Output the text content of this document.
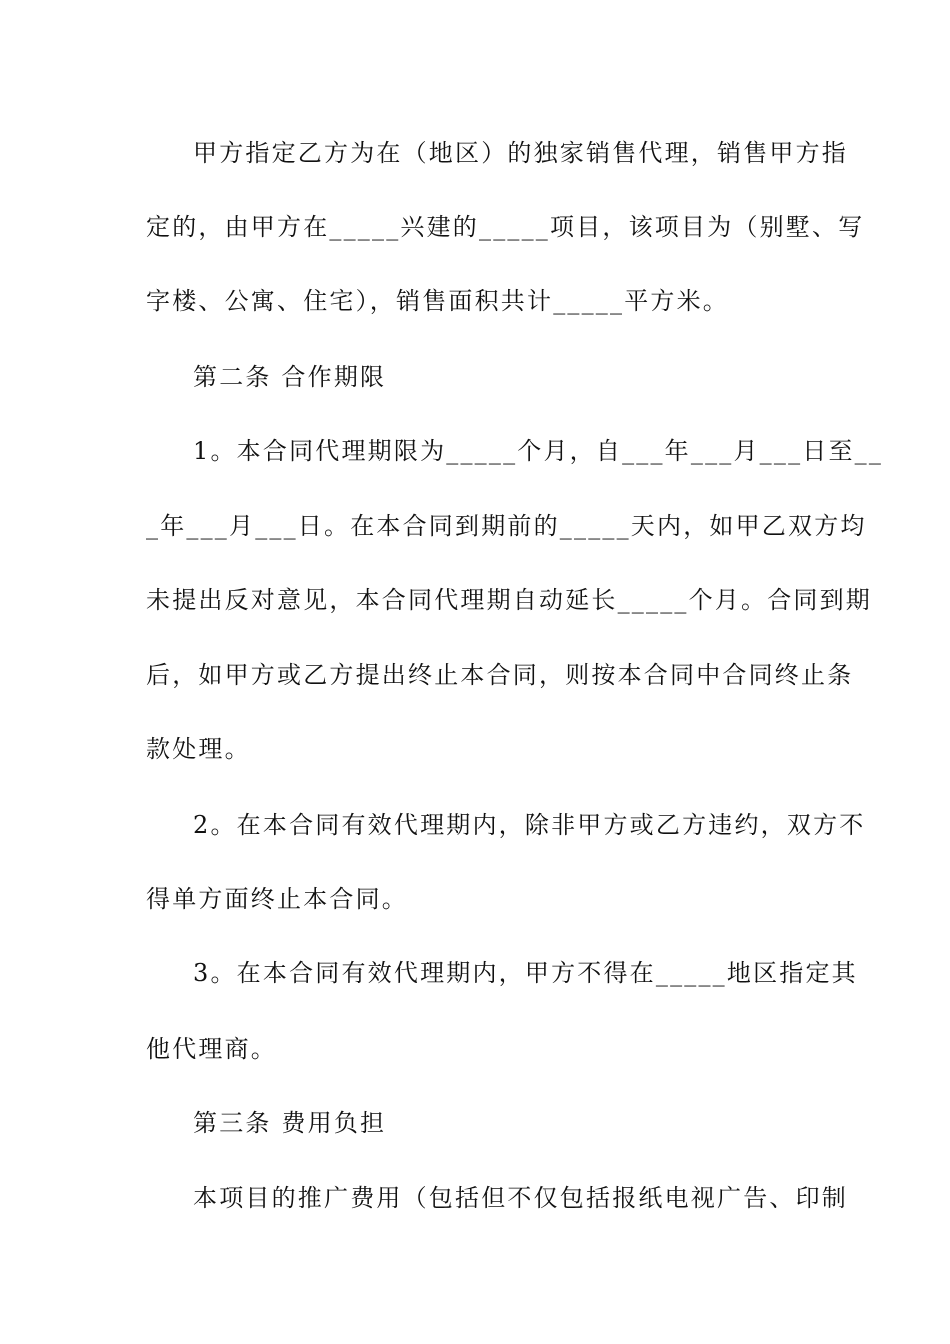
甲方指定乙方为在（地区）的独家销售代理，销售甲方指
定的，由甲方在_____兴建的_____项目，该项目为（别墅、写
字楼、公寓、住宅），销售面积共计_____平方米。
第二条 合作期限
1。本合同代理期限为_____个月，自___年___月___日至__
_年___月___日。在本合同到期前的_____天内，如甲乙双方均
未提出反对意见，本合同代理期自动延长_____个月。合同到期
后，如甲方或乙方提出终止本合同，则按本合同中合同终止条
款处理。
2。在本合同有效代理期内，除非甲方或乙方违约，双方不
得单方面终止本合同。
3。在本合同有效代理期内，甲方不得在_____地区指定其
他代理商。
第三条 费用负担
本项目的推广费用（包括但不仅包括报纸电视广告、印制
